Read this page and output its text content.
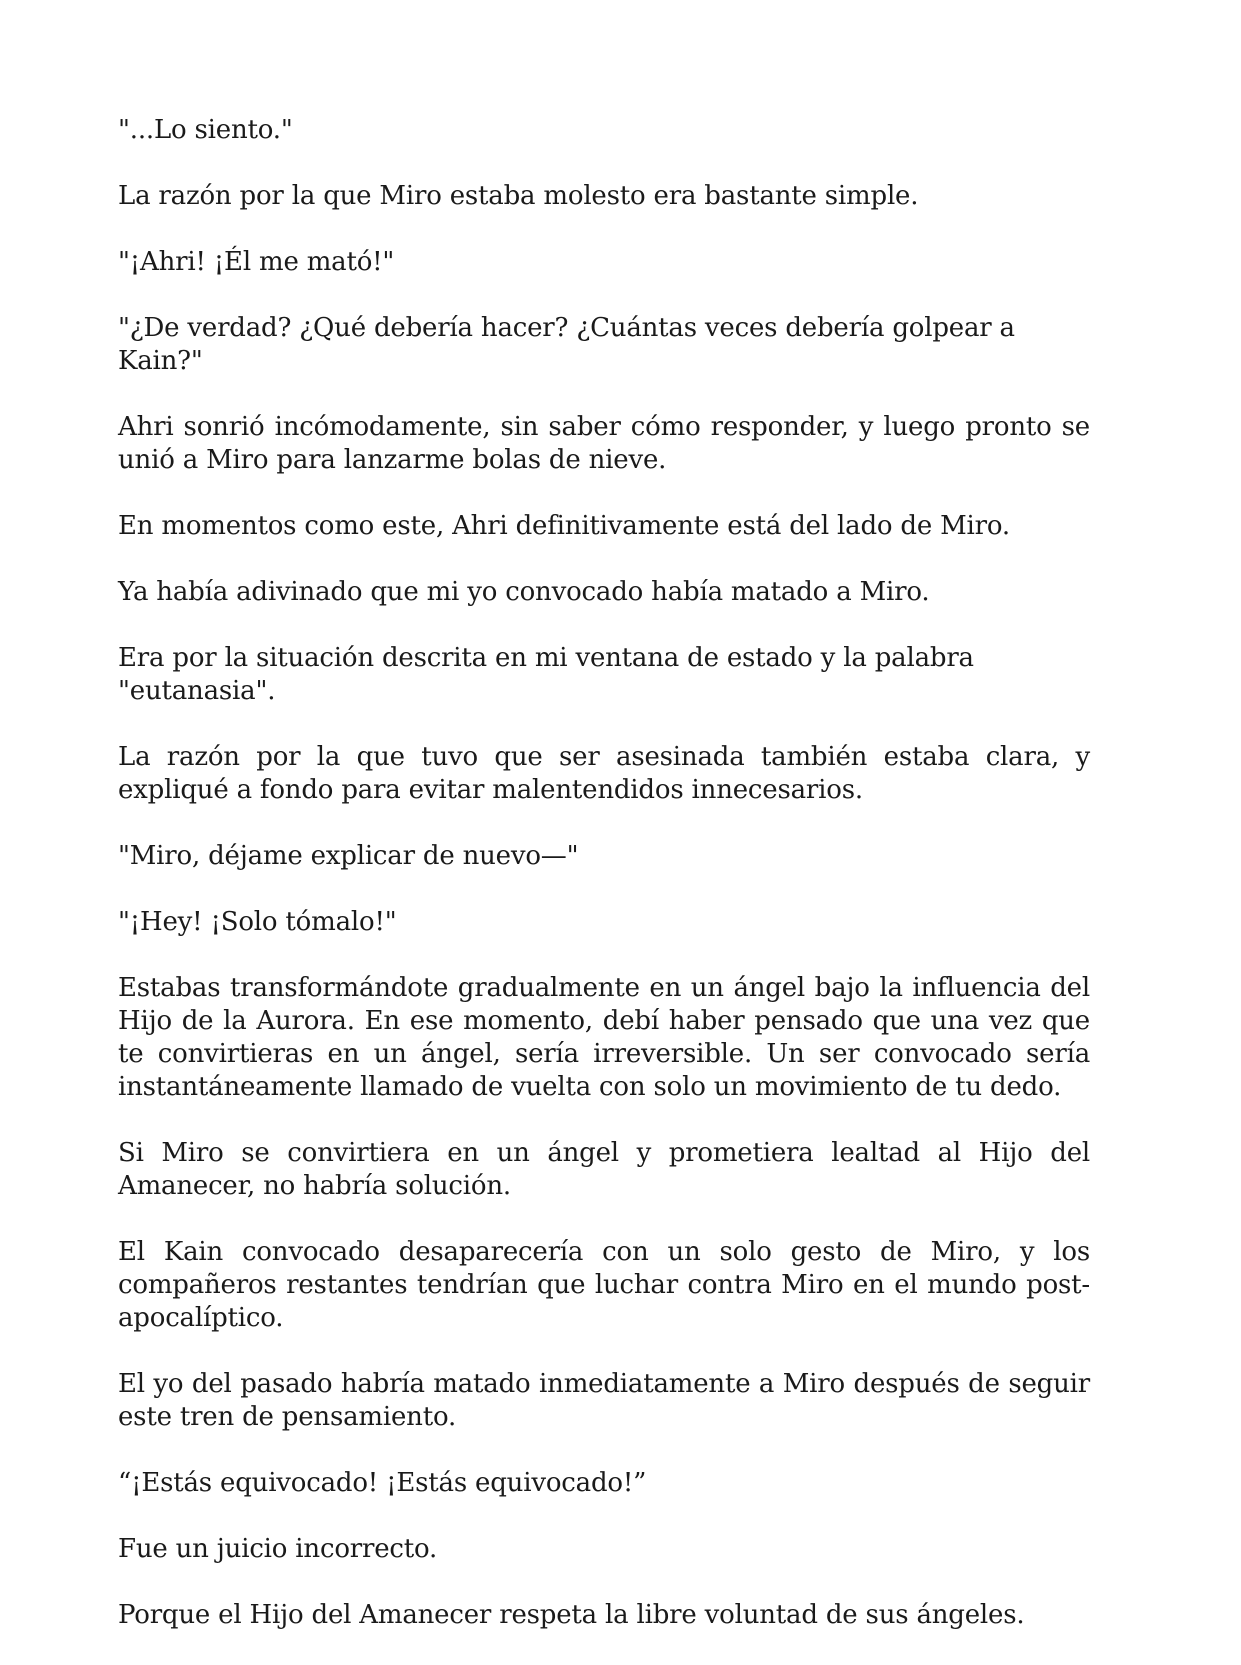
"...Lo siento."

La razón por la que Miro estaba molesto era bastante simple.

"¡Ahri! ¡Él me mató!"

"¿De verdad? ¿Qué debería hacer? ¿Cuántas veces debería golpear a Kain?"

Ahri sonrió incómodamente, sin saber cómo responder, y luego pronto se unió a Miro para lanzarme bolas de nieve.

En momentos como este, Ahri definitivamente está del lado de Miro.

Ya había adivinado que mi yo convocado había matado a Miro.

Era por la situación descrita en mi ventana de estado y la palabra "eutanasia".

La razón por la que tuvo que ser asesinada también estaba clara, y expliqué a fondo para evitar malentendidos innecesarios.

"Miro, déjame explicar de nuevo—"

"¡Hey! ¡Solo tómalo!"

Estabas transformándote gradualmente en un ángel bajo la influencia del Hijo de la Aurora. En ese momento, debí haber pensado que una vez que te convirtieras en un ángel, sería irreversible. Un ser convocado sería instantáneamente llamado de vuelta con solo un movimiento de tu dedo.

Si Miro se convirtiera en un ángel y prometiera lealtad al Hijo del Amanecer, no habría solución.

El Kain convocado desaparecería con un solo gesto de Miro, y los compañeros restantes tendrían que luchar contra Miro en el mundo post-apocalíptico.

El yo del pasado habría matado inmediatamente a Miro después de seguir este tren de pensamiento.

“¡Estás equivocado! ¡Estás equivocado!”

Fue un juicio incorrecto.

Porque el Hijo del Amanecer respeta la libre voluntad de sus ángeles.
